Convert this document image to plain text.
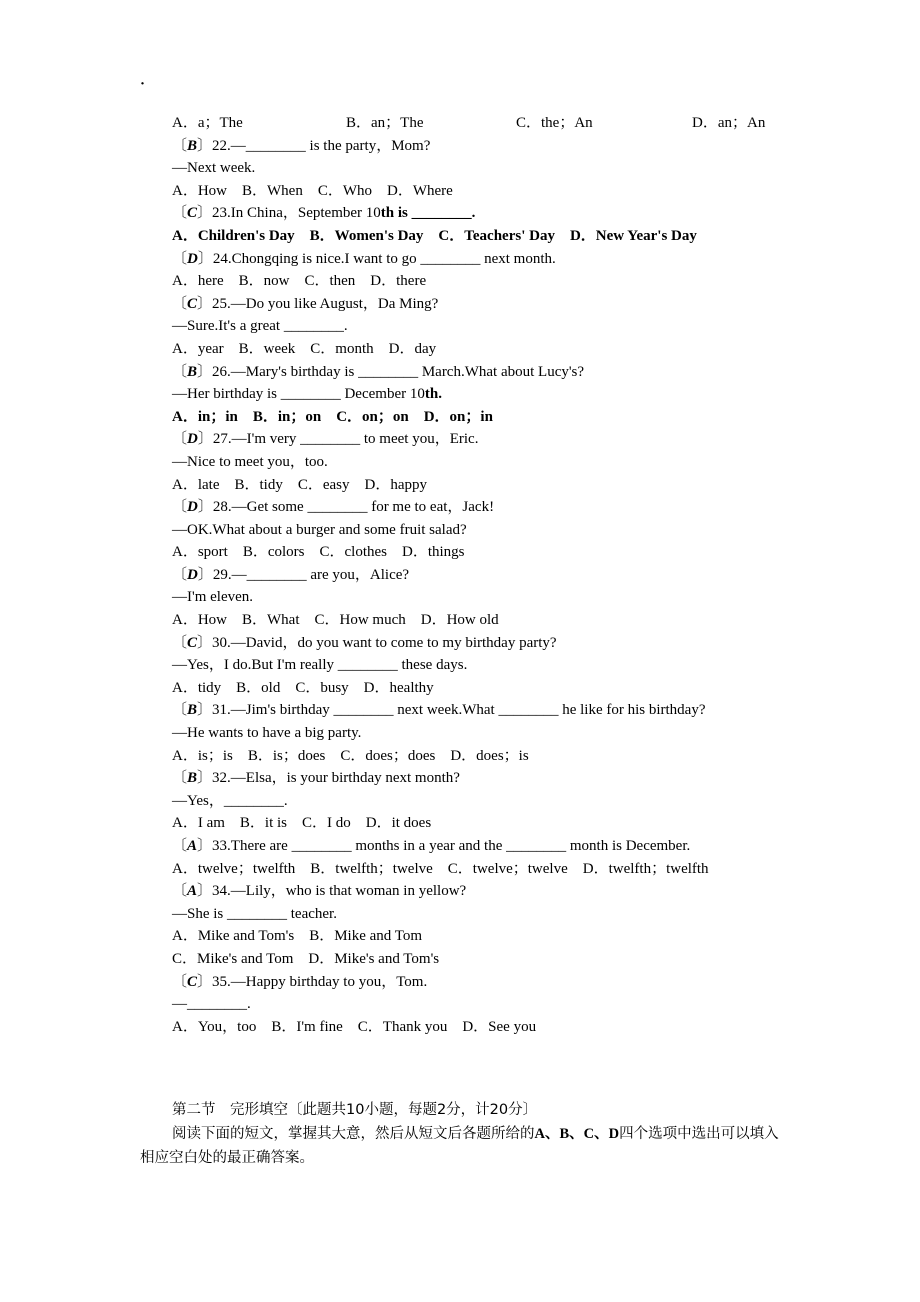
·
A．a；The	B．an；The	C．the；An	D．an；An
〔B〕22.—________ is the party，Mom?
—Next week.
A．How　B．When　C．Who　D．Where
〔C〕23.In China，September 10th is ________.
A．Children's Day　B．Women's Day　C．Teachers' Day　D．New Year's Day
〔D〕24.Chongqing is nice.I want to go ________ next month.
A．here　B．now　C．then　D．there
〔C〕25.—Do you like August，Da Ming?
—Sure.It's a great ________.
A．year　B．week　C．month　D．day
〔B〕26.—Mary's birthday is ________ March.What about Lucy's?
—Her birthday is ________ December 10th.
A．in；in　B．in；on　C．on；on　D．on；in
〔D〕27.—I'm very ________ to meet you，Eric.
—Nice to meet you，too.
A．late　B．tidy　C．easy　D．happy
〔D〕28.—Get some ________ for me to eat，Jack!
—OK.What about a burger and some fruit salad?
A．sport　B．colors　C．clothes　D．things
〔D〕29.—________ are you，Alice?
—I'm eleven.
A．How　B．What　C．How much　D．How old
〔C〕30.—David，do you want to come to my birthday party?
—Yes，I do.But I'm really ________ these days.
A．tidy　B．old　C．busy　D．healthy
〔B〕31.—Jim's birthday ________ next week.What ________ he like for his birthday?
—He wants to have a big party.
A．is；is　B．is；does　C．does；does　D．does；is
〔B〕32.—Elsa，is your birthday next month?
—Yes，________.
A．I am　B．it is　C．I do　D．it does
〔A〕33.There are ________ months in a year and the ________ month is December.
A．twelve；twelfth　B．twelfth；twelve　C．twelve；twelve　D．twelfth；twelfth
〔A〕34.—Lily，who is that woman in yellow?
—She is ________ teacher.
A．Mike and Tom's　B．Mike and Tom
C．Mike's and Tom　D．Mike's and Tom's
〔C〕35.—Happy birthday to you，Tom.
—________.
A．You，too　B．I'm fine　C．Thank you　D．See you
第二节　完形填空〔此题共10小题，每题2分，计20分〕
阅读下面的短文，掌握其大意，然后从短文后各题所给的A、B、C、D四个选项中选出可以填入相应空白处的最正确答案。
